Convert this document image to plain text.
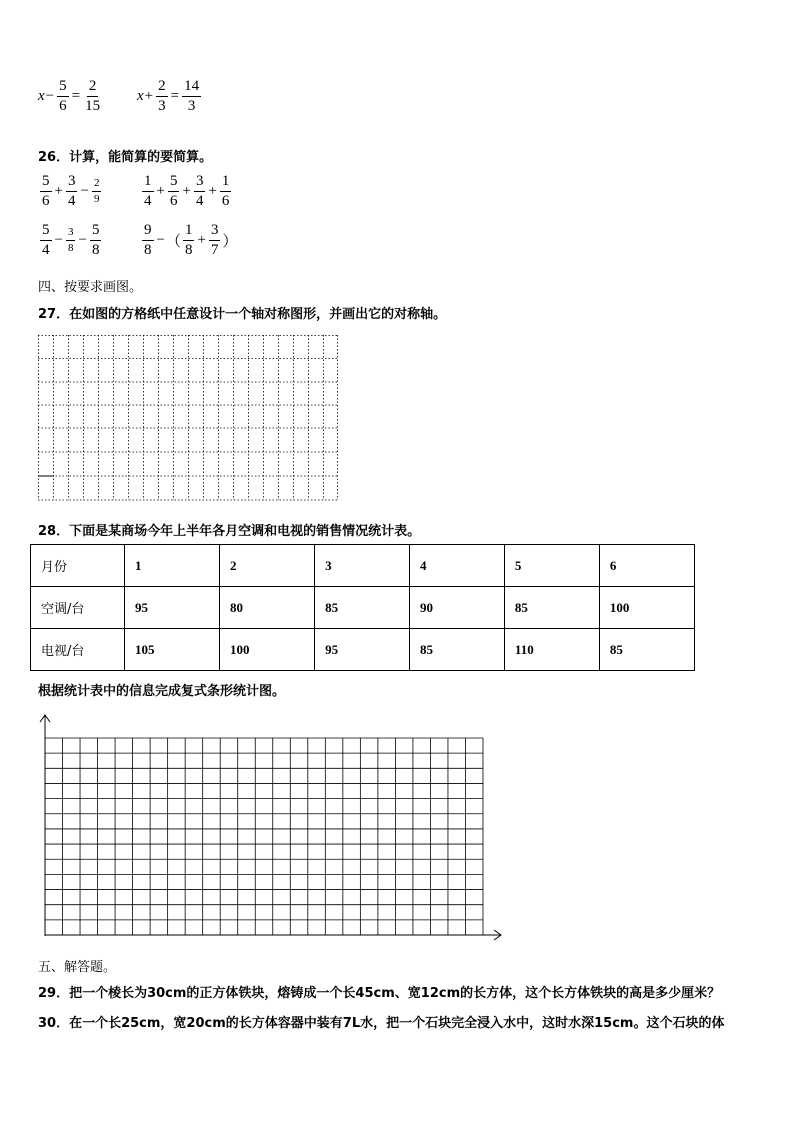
$x - \frac{5}{6} = \frac{2}{15}$ $x + \frac{2}{3} = \frac{14}{3}$
26．计算，能简算的要简算。
$\frac{5}{6} + \frac{3}{4} - \frac{2}{9}$	$\frac{1}{4} + \frac{5}{6} + \frac{3}{4} + \frac{1}{6}$
$\frac{5}{4} - \frac{3}{8} - \frac{5}{8}$	$\frac{9}{8}$ − （ $\frac{1}{8} + \frac{3}{7}$ ）
四、按要求画图。
27．在如图的方格纸中任意设计一个轴对称图形，并画出它的对称轴。
28．下面是某商场今年上半年各月空调和电视的销售情况统计表。
月份	1	2	3	4	5	6
空调/台	95	80	85	90	85	100
电视/台	105	100	95	85	110	85
根据统计表中的信息完成复式条形统计图。
五、解答题。
29．把一个棱长为30cm的正方体铁块，熔铸成一个长45cm、宽12cm的长方体，这个长方体铁块的高是多少厘米？
30．在一个长25cm，宽20cm的长方体容器中装有7L水，把一个石块完全浸入水中，这时水深15cm。这个石块的体
